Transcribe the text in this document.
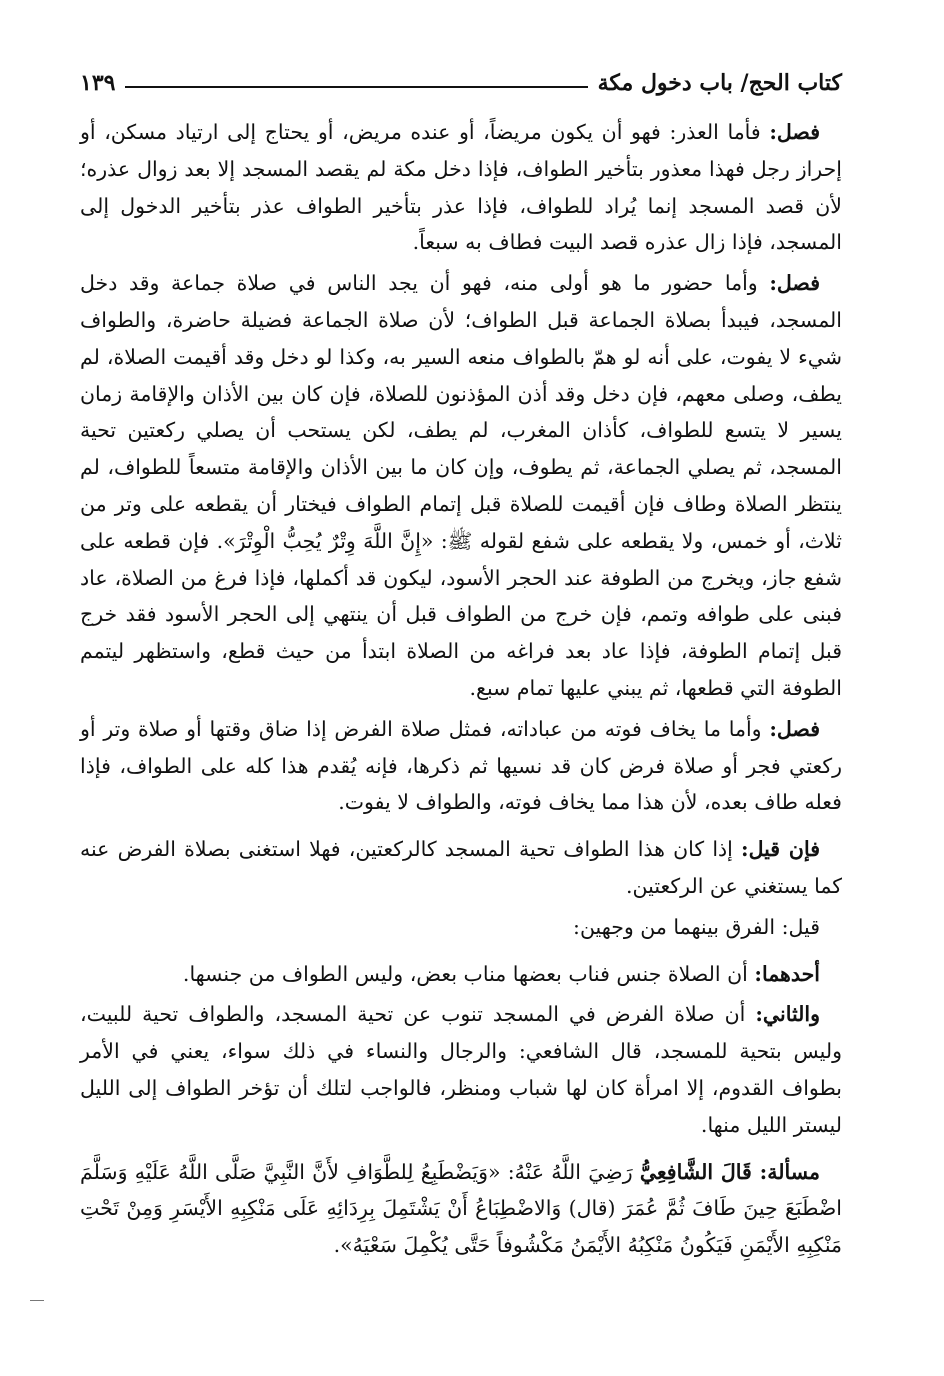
كتاب الحج/ باب دخول مكة
١٣٩

فصل: فأما العذر: فهو أن يكون مريضاً، أو عنده مريض، أو يحتاج إلى ارتياد مسكن، أو إحراز رجل فهذا معذور بتأخير الطواف، فإذا دخل مكة لم يقصد المسجد إلا بعد زوال عذره؛ لأن قصد المسجد إنما يُراد للطواف، فإذا عذر بتأخير الطواف عذر بتأخير الدخول إلى المسجد، فإذا زال عذره قصد البيت فطاف به سبعاً.

فصل: وأما حضور ما هو أولى منه، فهو أن يجد الناس في صلاة جماعة وقد دخل المسجد، فيبدأ بصلاة الجماعة قبل الطواف؛ لأن صلاة الجماعة فضيلة حاضرة، والطواف شيء لا يفوت، على أنه لو همّ بالطواف منعه السير به، وكذا لو دخل وقد أقيمت الصلاة، لم يطف، وصلى معهم، فإن دخل وقد أذن المؤذنون للصلاة، فإن كان بين الأذان والإقامة زمان يسير لا يتسع للطواف، كأذان المغرب، لم يطف، لكن يستحب أن يصلي ركعتين تحية المسجد، ثم يصلي الجماعة، ثم يطوف، وإن كان ما بين الأذان والإقامة متسعاً للطواف، لم ينتظر الصلاة وطاف فإن أقيمت للصلاة قبل إتمام الطواف فيختار أن يقطعه على وتر من ثلاث، أو خمس، ولا يقطعه على شفع لقوله ﷺ: «إِنَّ اللَّهَ وِتْرٌ يُحِبُّ الْوِتْرَ». فإن قطعه على شفع جاز، ويخرج من الطوفة عند الحجر الأسود، ليكون قد أكملها، فإذا فرغ من الصلاة، عاد فبنى على طوافه وتمم، فإن خرج من الطواف قبل أن ينتهي إلى الحجر الأسود فقد خرج قبل إتمام الطوفة، فإذا عاد بعد فراغه من الصلاة ابتدأ من حيث قطع، واستظهر ليتمم الطوفة التي قطعها، ثم يبني عليها تمام سبع.

فصل: وأما ما يخاف فوته من عباداته، فمثل صلاة الفرض إذا ضاق وقتها أو صلاة وتر أو ركعتي فجر أو صلاة فرض كان قد نسيها ثم ذكرها، فإنه يُقدم هذا كله على الطواف، فإذا فعله طاف بعده، لأن هذا مما يخاف فوته، والطواف لا يفوت.

فإن قيل: إذا كان هذا الطواف تحية المسجد كالركعتين، فهلا استغنى بصلاة الفرض عنه كما يستغني عن الركعتين.

قيل: الفرق بينهما من وجهين:

أحدهما: أن الصلاة جنس فناب بعضها مناب بعض، وليس الطواف من جنسها.

والثاني: أن صلاة الفرض في المسجد تنوب عن تحية المسجد، والطواف تحية للبيت، وليس بتحية للمسجد، قال الشافعي: والرجال والنساء في ذلك سواء، يعني في الأمر بطواف القدوم، إلا امرأة كان لها شباب ومنظر، فالواجب لتلك أن تؤخر الطواف إلى الليل ليستر الليل منها.

مسألة: قَالَ الشَّافِعِيُّ رَضِيَ اللَّهُ عَنْهُ: «وَيَضْطَبِعُ لِلطَّوَافِ لأَنَّ النَّبِيَّ صَلَّى اللَّهُ عَلَيْهِ وَسَلَّمَ اضْطَبَعَ حِينَ طَافَ ثُمَّ عُمَرَ (قال) وَالاضْطِبَاعُ أَنْ يَشْتَمِلَ بِرِدَائِهِ عَلَى مَنْكِبِهِ الأَيْسَرِ وَمِنْ تَحْتِ مَنْكِبِهِ الأَيْمَنِ فَيَكُونُ مَنْكِبُهُ الأَيْمَنُ مَكْشُوفاً حَتَّى يُكْمِلَ سَعْيَهُ».
